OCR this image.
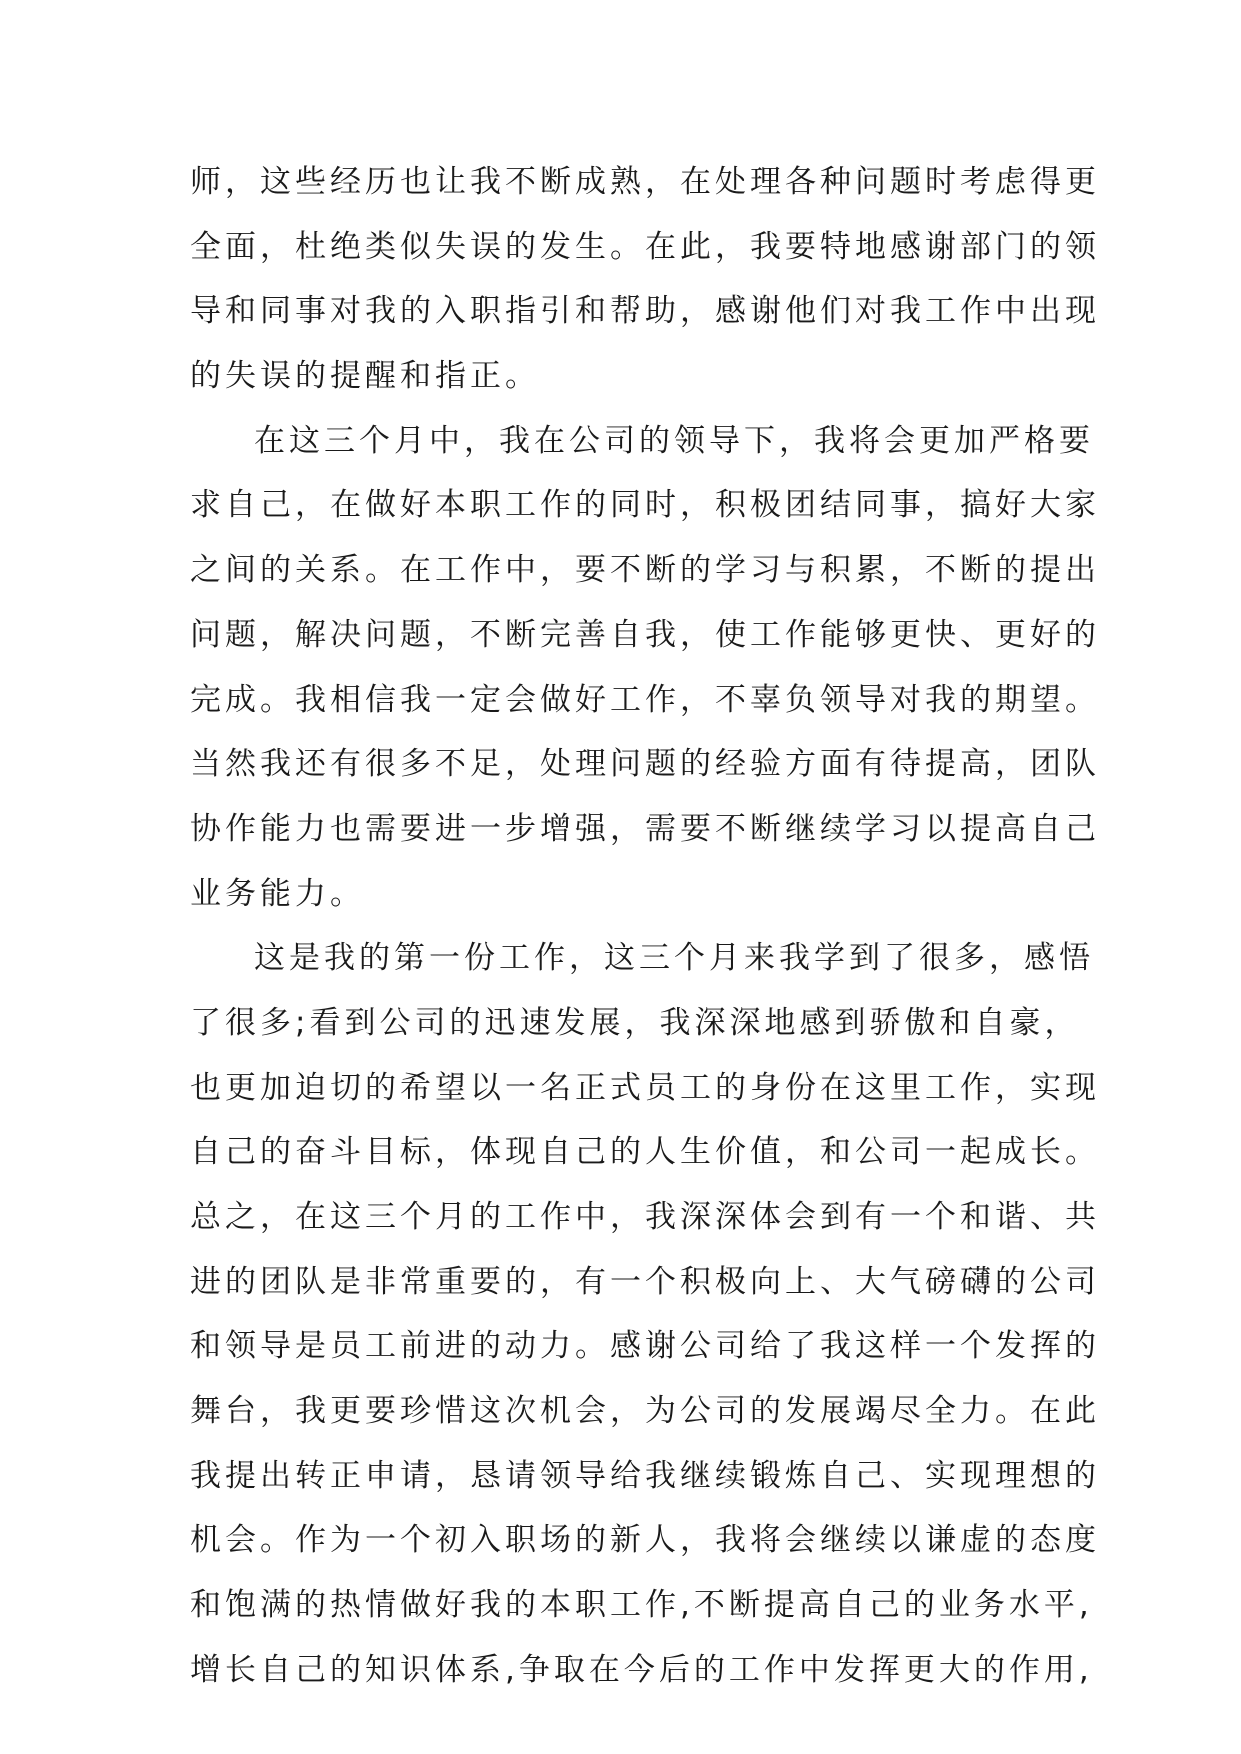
师，这些经历也让我不断成熟，在处理各种问题时考虑得更

全面，杜绝类似失误的发生。在此，我要特地感谢部门的领

导和同事对我的入职指引和帮助，感谢他们对我工作中出现

的失误的提醒和指正。

在这三个月中，我在公司的领导下，我将会更加严格要

求自己，在做好本职工作的同时，积极团结同事，搞好大家

之间的关系。在工作中，要不断的学习与积累，不断的提出

问题，解决问题，不断完善自我，使工作能够更快、更好的

完成。我相信我一定会做好工作，不辜负领导对我的期望。

当然我还有很多不足，处理问题的经验方面有待提高，团队

协作能力也需要进一步增强，需要不断继续学习以提高自己

业务能力。

这是我的第一份工作，这三个月来我学到了很多，感悟

了很多;看到公司的迅速发展，我深深地感到骄傲和自豪，

也更加迫切的希望以一名正式员工的身份在这里工作，实现

自己的奋斗目标，体现自己的人生价值，和公司一起成长。

总之，在这三个月的工作中，我深深体会到有一个和谐、共

进的团队是非常重要的，有一个积极向上、大气磅礴的公司

和领导是员工前进的动力。感谢公司给了我这样一个发挥的

舞台，我更要珍惜这次机会，为公司的发展竭尽全力。在此

我提出转正申请，恳请领导给我继续锻炼自己、实现理想的

机会。作为一个初入职场的新人，我将会继续以谦虚的态度

和饱满的热情做好我的本职工作,不断提高自己的业务水平,

增长自己的知识体系,争取在今后的工作中发挥更大的作用,
